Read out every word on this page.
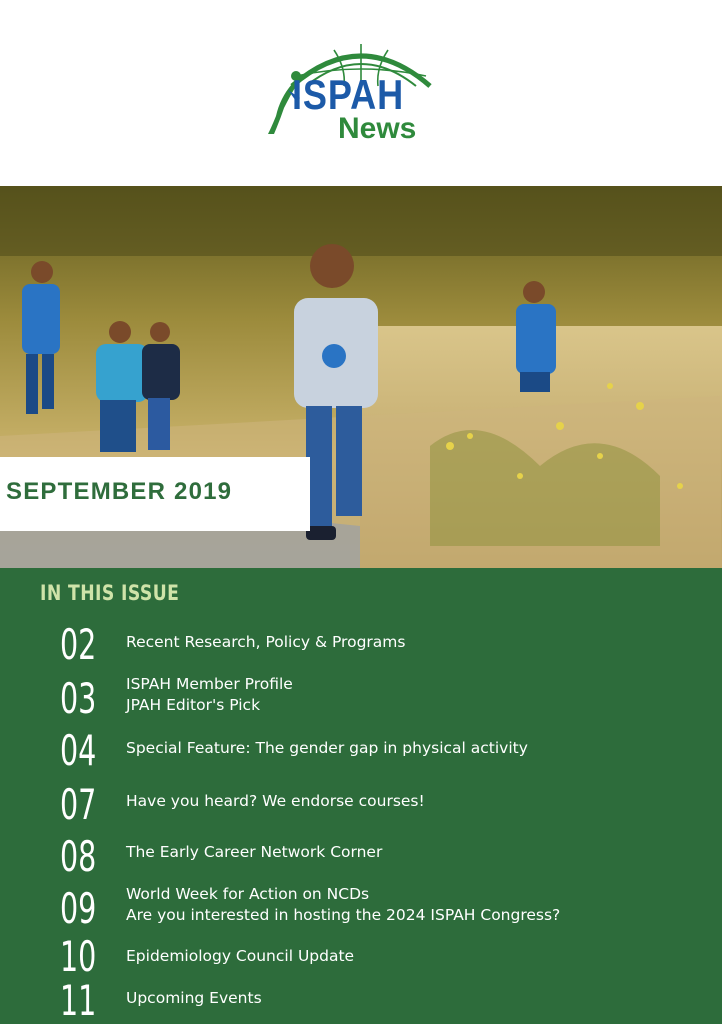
ISPAH
News
SEPTEMBER 2019
IN THIS ISSUE
02 Recent Research, Policy & Programs
03 ISPAH Member Profile
JPAH Editor's Pick
04 Special Feature: The gender gap in physical activity
07 Have you heard? We endorse courses!
08 The Early Career Network Corner
09 World Week for Action on NCDs
Are you interested in hosting the 2024 ISPAH Congress?
10 Epidemiology Council Update
11 Upcoming Events
